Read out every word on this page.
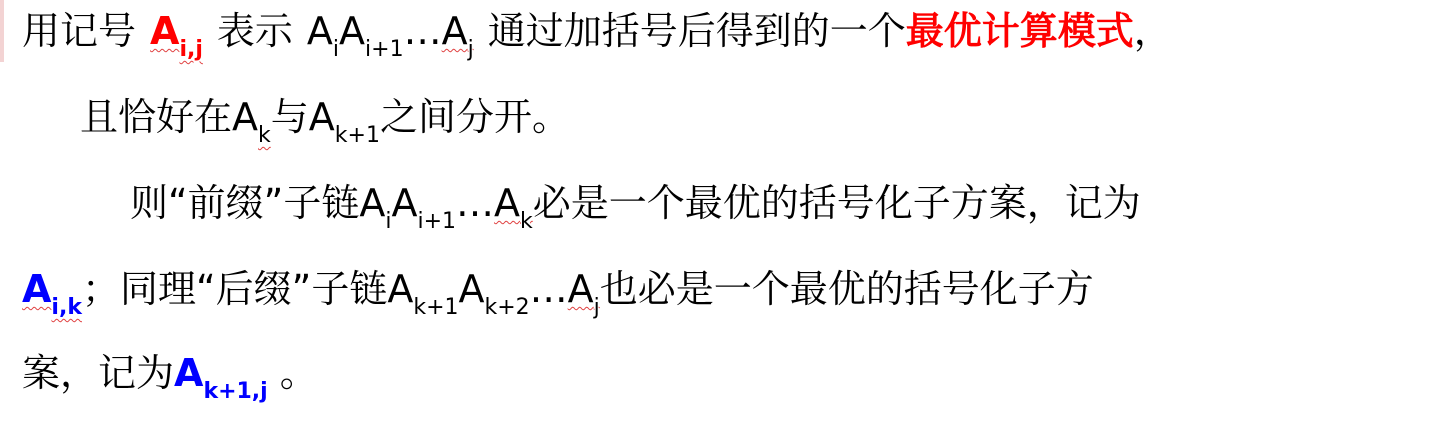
用记号 $A_{i,j}$ 表示 $A_iA_{i+1}\dots A_j$ 通过加括号后得到的一个最优计算模式，
且恰好在$A_k$与$A_{k+1}$之间分开。
则“前缀”子链$A_iA_{i+1}\dots A_k$必是一个最优的括号化子方案，记为
$A_{i,k}$；同理“后缀”子链$A_{k+1}A_{k+2}\dots A_j$也必是一个最优的括号化子方
案，记为$A_{k+1,j}$ 。
